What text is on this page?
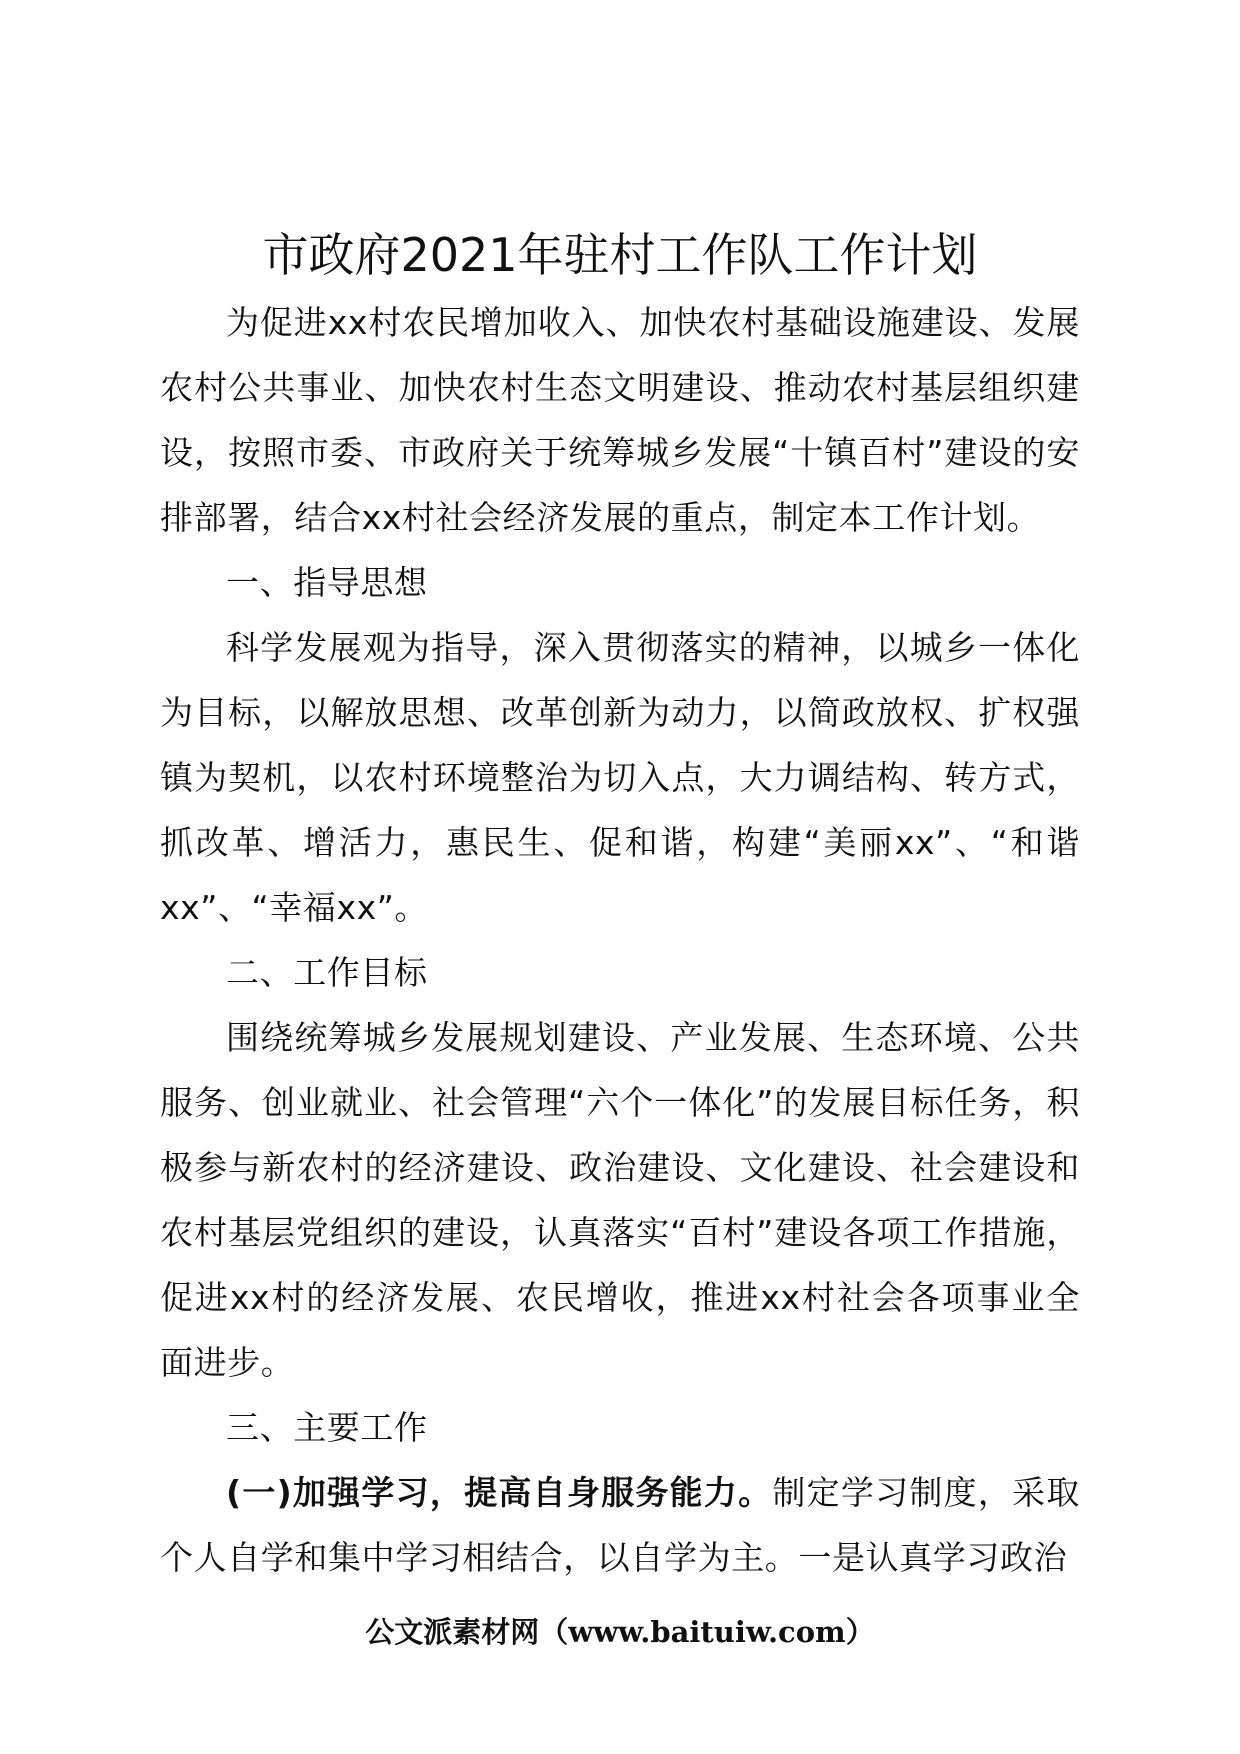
市政府2021年驻村工作队工作计划

为促进xx村农民增加收入、加快农村基础设施建设、发展农村公共事业、加快农村生态文明建设、推动农村基层组织建设，按照市委、市政府关于统筹城乡发展“十镇百村”建设的安排部署，结合xx村社会经济发展的重点，制定本工作计划。

一、指导思想

科学发展观为指导，深入贯彻落实的精神，以城乡一体化为目标，以解放思想、改革创新为动力，以简政放权、扩权强镇为契机，以农村环境整治为切入点，大力调结构、转方式，抓改革、增活力，惠民生、促和谐，构建“美丽xx”、“和谐xx”、“幸福xx”。

二、工作目标

围绕统筹城乡发展规划建设、产业发展、生态环境、公共服务、创业就业、社会管理“六个一体化”的发展目标任务，积极参与新农村的经济建设、政治建设、文化建设、社会建设和农村基层党组织的建设，认真落实“百村”建设各项工作措施，促进xx村的经济发展、农民增收，推进xx村社会各项事业全面进步。

三、主要工作

(一)加强学习，提高自身服务能力。制定学习制度，采取个人自学和集中学习相结合，以自学为主。一是认真学习政治

公文派素材网（www.baituiw.com）
